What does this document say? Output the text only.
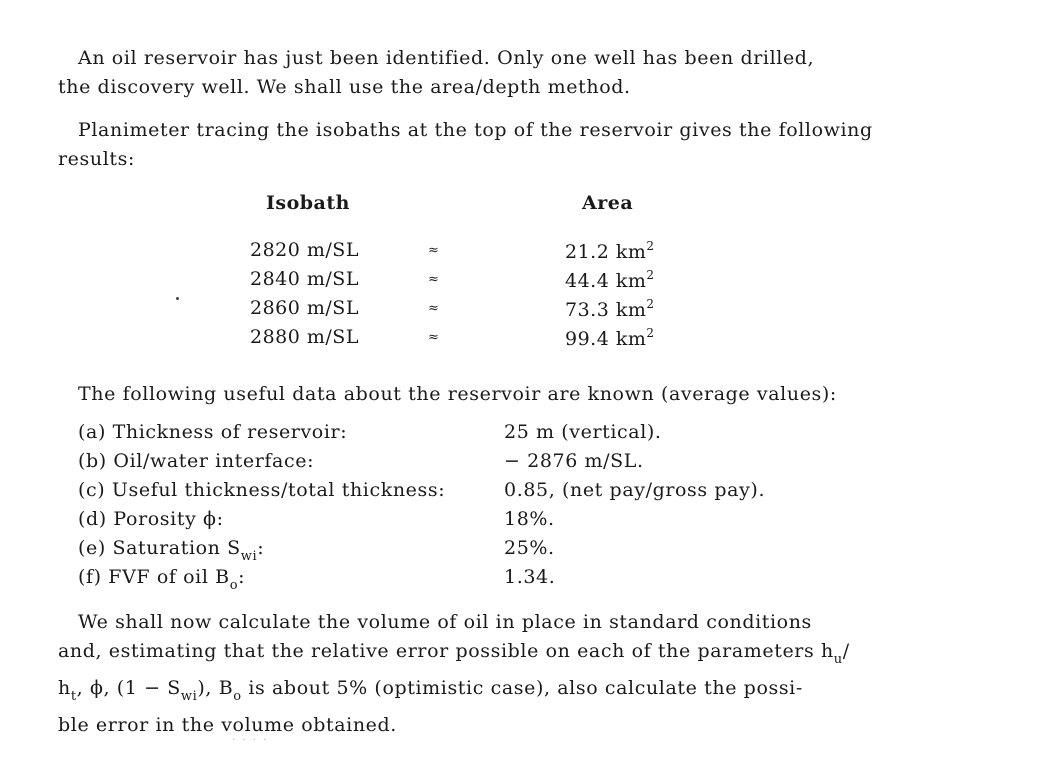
An oil reservoir has just been identified. Only one well has been drilled,
the discovery well. We shall use the area/depth method.

Planimeter tracing the isobaths at the top of the reservoir gives the following
results:

Isobath	Area
2820 m/SL	≈	21.2 $km^2$
2840 m/SL	≈	44.4 $km^2$
2860 m/SL	≈	73.3 $km^2$
2880 m/SL	≈	99.4 $km^2$

The following useful data about the reservoir are known (average values):

(a) Thickness of reservoir:	25 m (vertical).
(b) Oil/water interface:	− 2876 m/SL.
(c) Useful thickness/total thickness:	0.85, (net pay/gross pay).
(d) Porosity ϕ:	18%.
(e) Saturation $S_{wi}$:	25%.
(f) FVF of oil $B_o$:	1.34.

We shall now calculate the volume of oil in place in standard conditions
and, estimating that the relative error possible on each of the parameters $h_u/$
$h_t$, ϕ, $(1 - S_{wi})$, $B_o$ is about 5% (optimistic case), also calculate the possi-
ble error in the volume obtained.

· · · ·
